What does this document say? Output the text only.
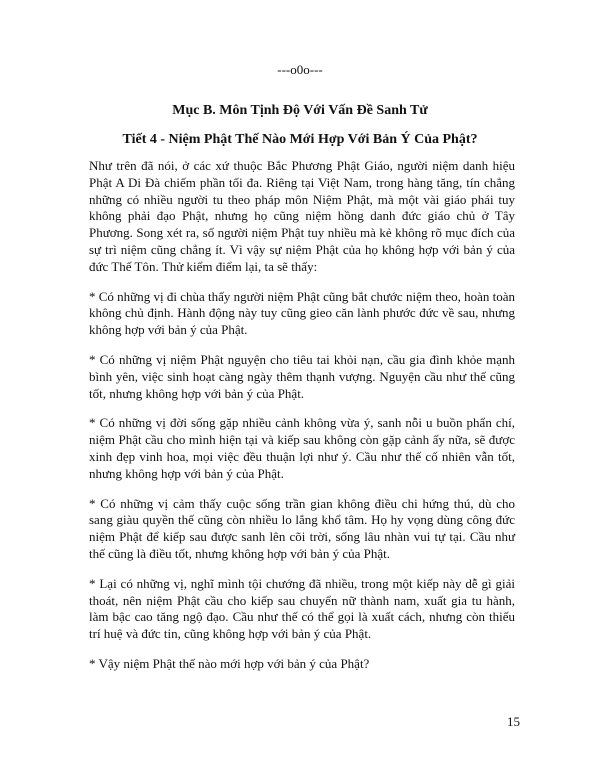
---o0o---
Mục B. Môn Tịnh Độ Với Vấn Đề Sanh Tử
Tiết 4 - Niệm Phật Thế Nào Mới Hợp Với Bản Ý Của Phật?

Như trên đã nói, ở các xứ thuộc Bắc Phương Phật Giáo, người niệm danh hiệu Phật A Di Đà chiếm phần tối đa. Riêng tại Việt Nam, trong hàng tăng, tín chẳng những có nhiều người tu theo pháp môn Niệm Phật, mà một vài giáo phái tuy không phải đạo Phật, nhưng họ cũng niệm hồng danh đức giáo chủ ở Tây Phương. Song xét ra, số người niệm Phật tuy nhiều mà kẻ không rõ mục đích của sự trì niệm cũng chẳng ít. Vì vậy sự niệm Phật của họ không hợp với bản ý của đức Thế Tôn. Thử kiểm điểm lại, ta sẽ thấy:

* Có những vị đi chùa thấy người niệm Phật cũng bắt chước niệm theo, hoàn toàn không chủ định. Hành động này tuy cũng gieo căn lành phước đức về sau, nhưng không hợp với bản ý của Phật.

* Có những vị niệm Phật nguyện cho tiêu tai khỏi nạn, cầu gia đình khỏe mạnh bình yên, việc sinh hoạt càng ngày thêm thạnh vượng. Nguyện cầu như thế cũng tốt, nhưng không hợp với bản ý của Phật.

* Có những vị đời sống gặp nhiều cảnh không vừa ý, sanh nỗi u buồn phẩn chí, niệm Phật cầu cho mình hiện tại và kiếp sau không còn gặp cảnh ấy nữa, sẽ được xinh đẹp vinh hoa, mọi việc đều thuận lợi như ý. Cầu như thế cố nhiên vẫn tốt, nhưng không hợp với bản ý của Phật.

* Có những vị cảm thấy cuộc sống trần gian không điều chi hứng thú, dù cho sang giàu quyền thế cũng còn nhiều lo lắng khổ tâm. Họ hy vọng dùng công đức niệm Phật để kiếp sau được sanh lên cõi trời, sống lâu nhàn vui tự tại. Cầu như thế cũng là điều tốt, nhưng không hợp với bản ý của Phật.

* Lại có những vị, nghĩ mình tội chướng đã nhiều, trong một kiếp này dễ gì giải thoát, nên niệm Phật cầu cho kiếp sau chuyển nữ thành nam, xuất gia tu hành, làm bậc cao tăng ngộ đạo. Cầu như thế có thể gọi là xuất cách, nhưng còn thiếu trí huệ và đức tin, cũng không hợp với bản ý của Phật.

* Vậy niệm Phật thế nào mới hợp với bản ý của Phật?

15
